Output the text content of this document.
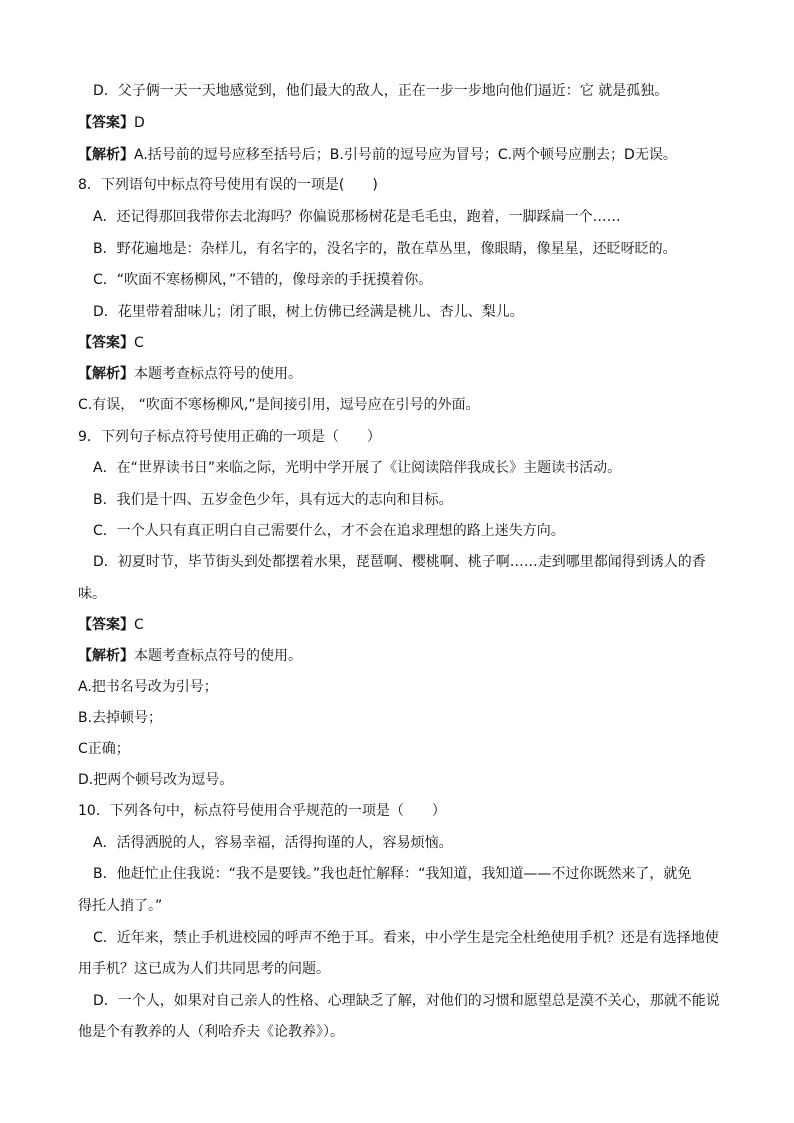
D．父子俩一天一天地感觉到，他们最大的敌人，正在一步一步地向他们逼近：它 就是孤独。
【答案】D
【解析】A.括号前的逗号应移至括号后；B.引号前的逗号应为冒号；C.两个顿号应删去；D无误。
8．下列语句中标点符号使用有误的一项是(　　)
A．还记得那回我带你去北海吗？你偏说那杨树花是毛毛虫，跑着，一脚踩扁一个……
B．野花遍地是：杂样儿，有名字的，没名字的，散在草丛里，像眼睛，像星星，还眨呀眨的。
C．“吹面不寒杨柳风，”不错的，像母亲的手抚摸着你。
D．花里带着甜味儿；闭了眼，树上仿佛已经满是桃儿、杏儿、梨儿。
【答案】C
【解析】本题考查标点符号的使用。
C.有误， “吹面不寒杨柳风,”是间接引用，逗号应在引号的外面。
9．下列句子标点符号使用正确的一项是（　　）
A．在“世界读书日”来临之际，光明中学开展了《让阅读陪伴我成长》主题读书活动。
B．我们是十四、五岁金色少年，具有远大的志向和目标。
C．一个人只有真正明白自己需要什么，才不会在追求理想的路上迷失方向。
D．初夏时节，毕节街头到处都摆着水果，琵琶啊、樱桃啊、桃子啊……走到哪里都闻得到诱人的香
味。
【答案】C
【解析】本题考查标点符号的使用。
A.把书名号改为引号；
B.去掉顿号；
C正确；
D.把两个顿号改为逗号。
10．下列各句中，标点符号使用合乎规范的一项是（　　）
A．活得洒脱的人，容易幸福，活得拘谨的人，容易烦恼。
B．他赶忙止住我说：“我不是要钱。”我也赶忙解释：“我知道，我知道——不过你既然来了，就免
得托人捎了。”
C．近年来，禁止手机进校园的呼声不绝于耳。看来，中小学生是完全杜绝使用手机？还是有选择地使
用手机？这已成为人们共同思考的问题。
D．一个人，如果对自己亲人的性格、心理缺乏了解，对他们的习惯和愿望总是漠不关心，那就不能说
他是个有教养的人（利哈乔夫《论教养》）。
